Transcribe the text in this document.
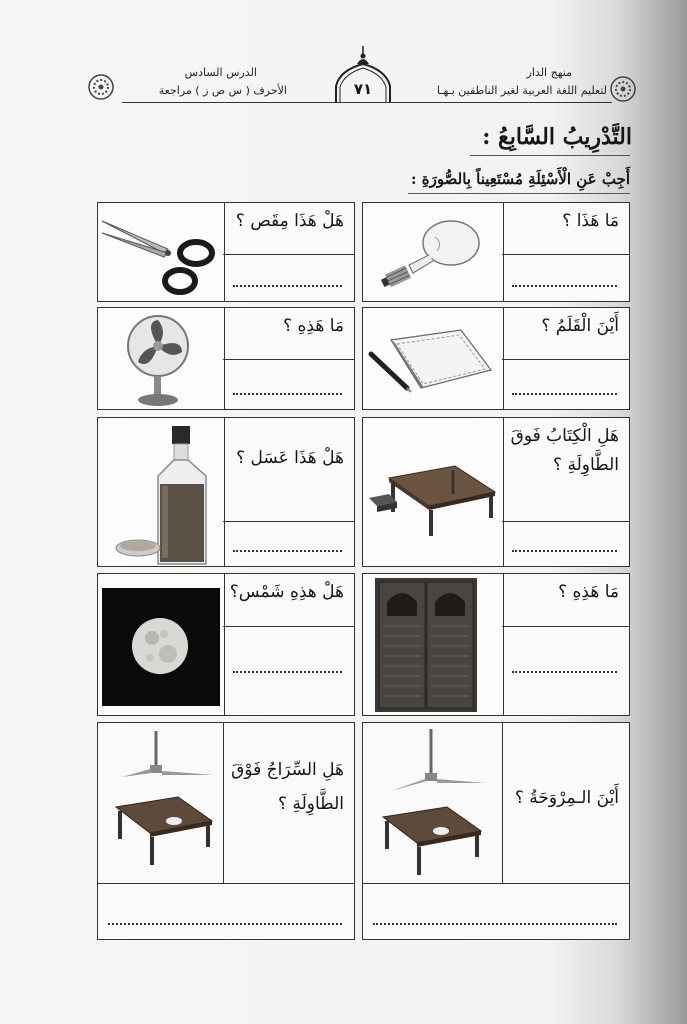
الدرس السادس
الأحرف ( س ص ز ) مراجعة
منهج الدار
لتعليم اللغة العربية لغير الناطقين بـهـا
٧١
التَّدْرِيبُ السَّابِعُ :
أَجِبْ عَنِ الْأَسْئِلَةِ مُسْتَعِيناً بِالصُّورَةِ :
مَا هَذَا ؟
هَلْ هَذَا مِقَص ؟
أَيْنَ الْقَلَمُ ؟
مَا هَذِهِ ؟
هَلِ الْكِتَابُ فَوقَ الطَّاوِلَةِ ؟
هَلْ هَذَا عَسَل ؟
مَا هَذِهِ ؟
هَلْ هذِهِ شَمْس؟
أَيْنَ الـمِرْوَحَةُ ؟
هَلِ السِّرَاجُ فَوْقَ الطَّاوِلَةِ ؟
